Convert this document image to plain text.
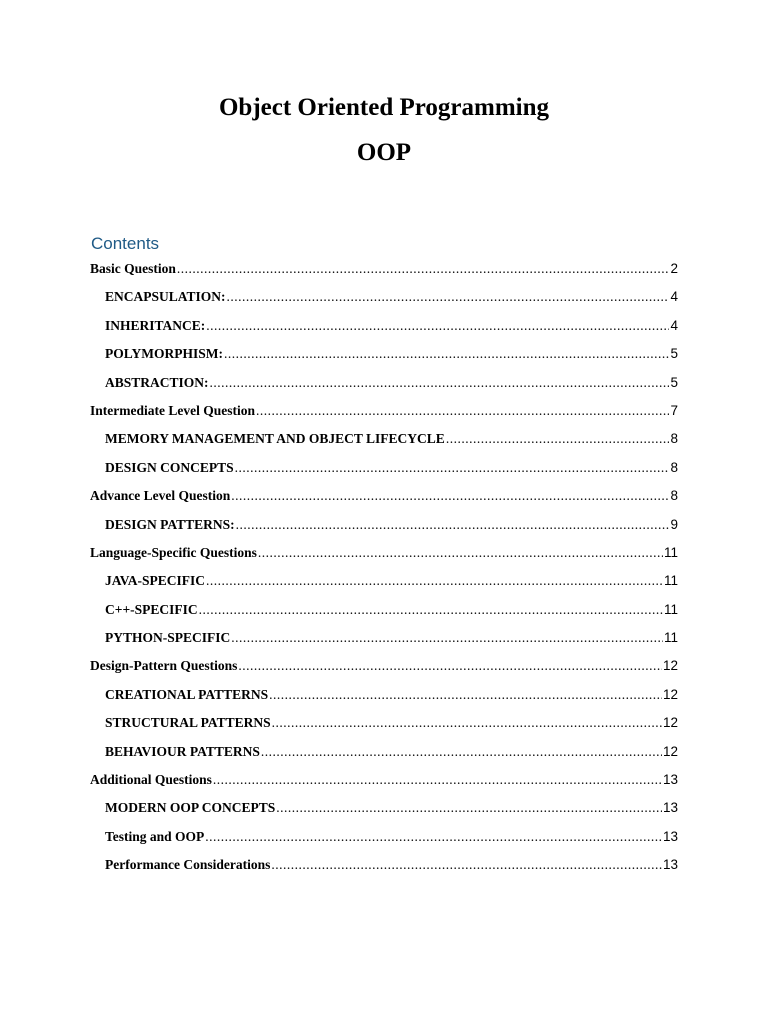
Object Oriented Programming
OOP
Contents
Basic Question .....	2
ENCAPSULATION: .....	4
INHERITANCE: .....	4
POLYMORPHISM: .....	5
ABSTRACTION: .....	5
Intermediate Level Question .....	7
MEMORY MANAGEMENT AND OBJECT LIFECYCLE .....	8
DESIGN CONCEPTS .....	8
Advance Level Question .....	8
DESIGN PATTERNS: .....	9
Language-Specific Questions .....	11
JAVA-SPECIFIC .....	11
C++-SPECIFIC .....	11
PYTHON-SPECIFIC .....	11
Design-Pattern Questions .....	12
CREATIONAL PATTERNS .....	12
STRUCTURAL PATTERNS .....	12
BEHAVIOUR PATTERNS .....	12
Additional Questions .....	13
MODERN OOP CONCEPTS .....	13
Testing and OOP .....	13
Performance Considerations .....	13
